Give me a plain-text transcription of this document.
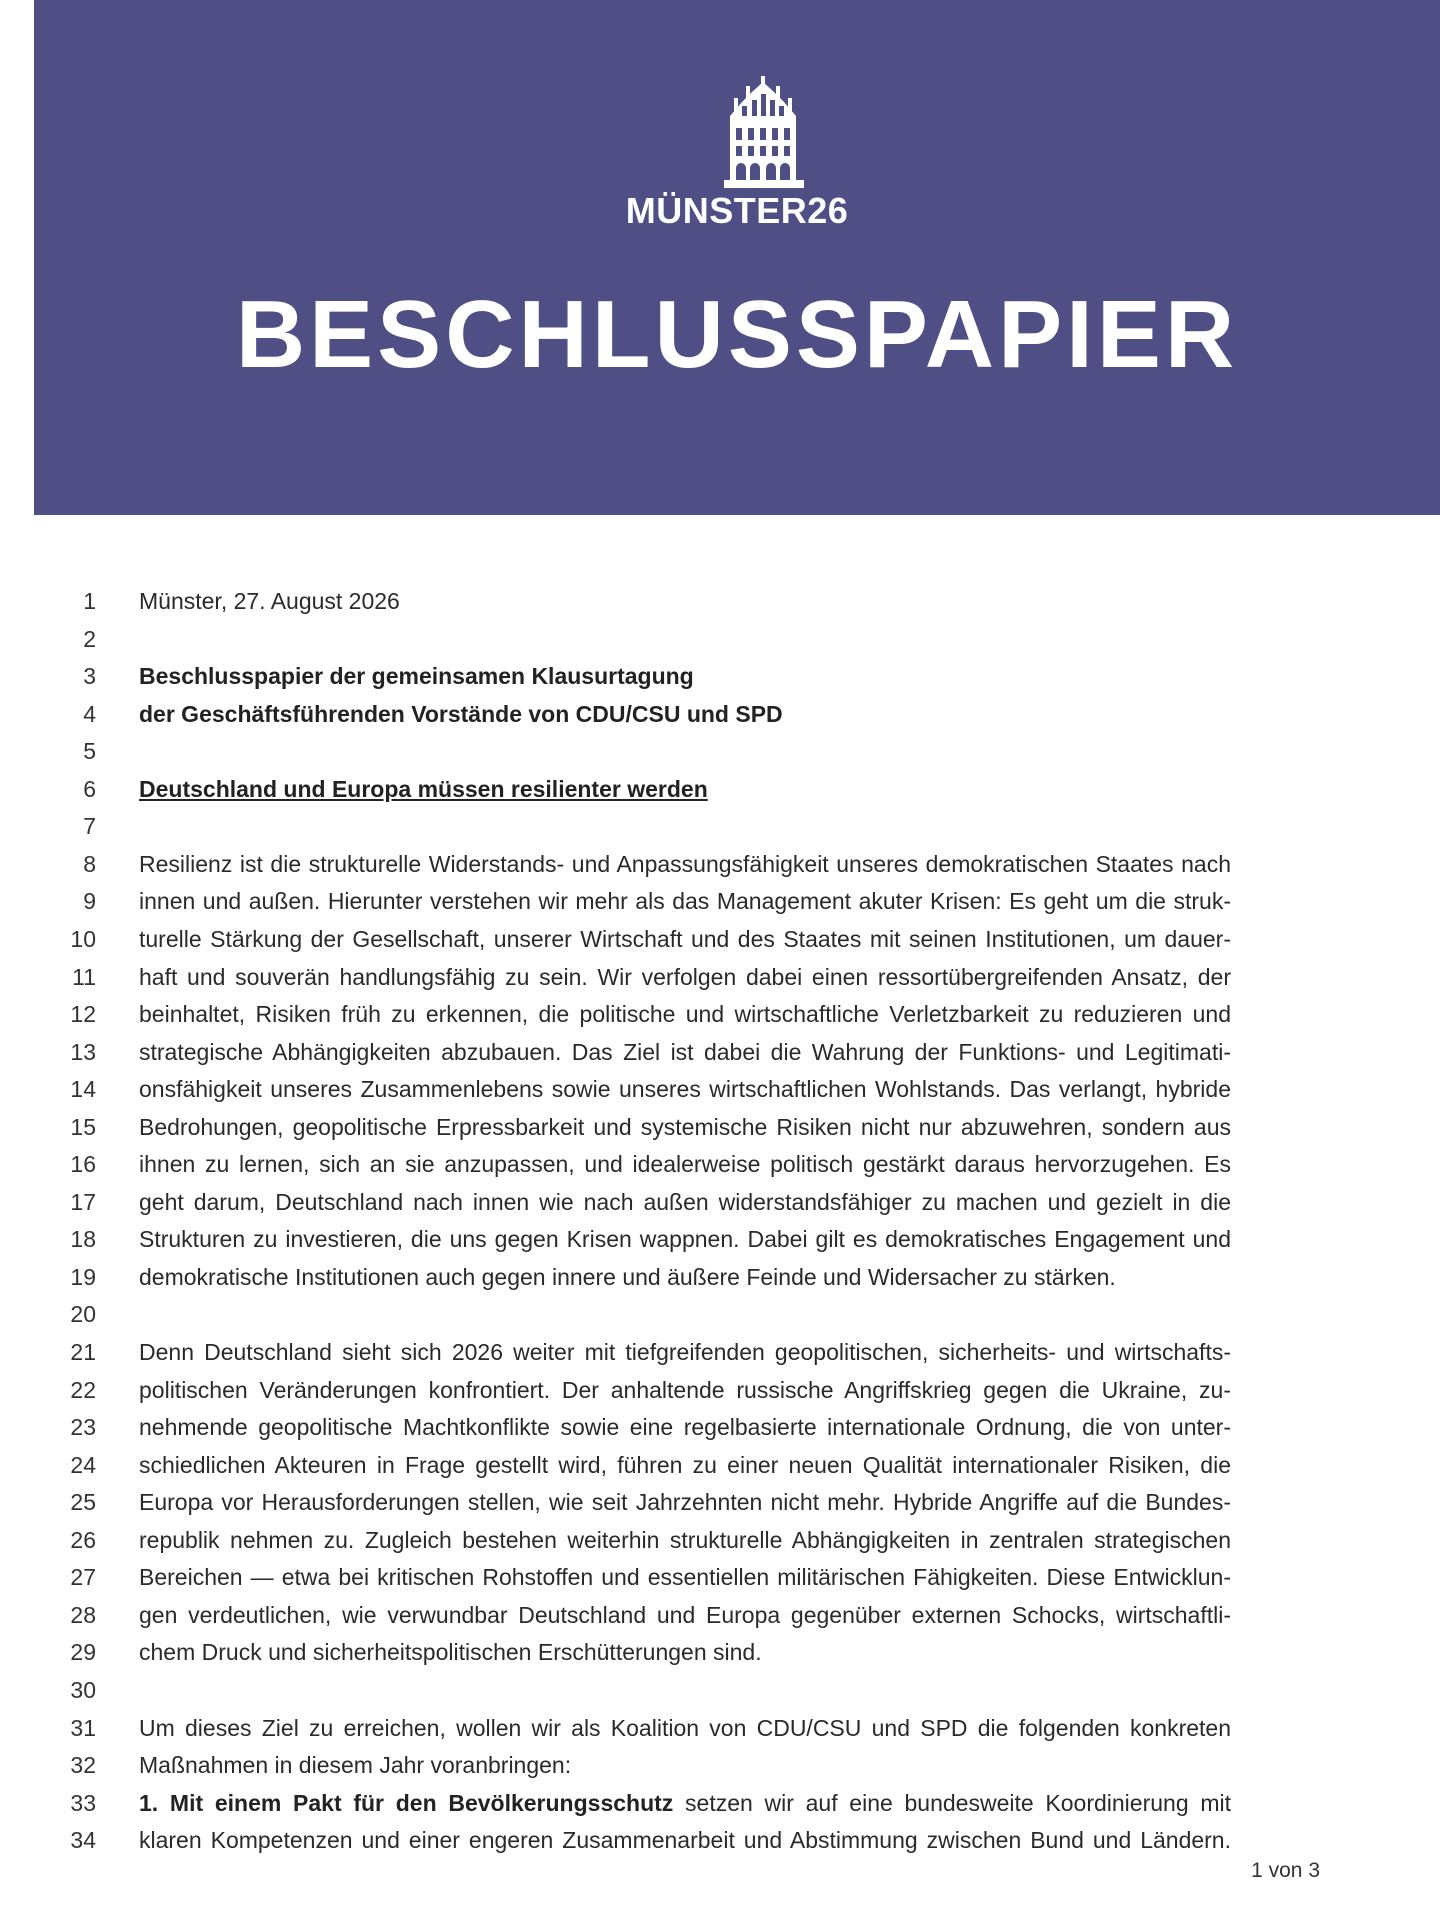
MÜNSTER26
BESCHLUSSPAPIER
1 Münster, 27. August 2026
2
3 Beschlusspapier der gemeinsamen Klausurtagung
4 der Geschäftsführenden Vorstände von CDU/CSU und SPD
5
6 Deutschland und Europa müssen resilienter werden
7
8 Resilienz ist die strukturelle Widerstands- und Anpassungsfähigkeit unseres demokratischen Staates nach
9 innen und außen. Hierunter verstehen wir mehr als das Management akuter Krisen: Es geht um die struk-
10 turelle Stärkung der Gesellschaft, unserer Wirtschaft und des Staates mit seinen Institutionen, um dauer-
11 haft und souverän handlungsfähig zu sein. Wir verfolgen dabei einen ressortübergreifenden Ansatz, der
12 beinhaltet, Risiken früh zu erkennen, die politische und wirtschaftliche Verletzbarkeit zu reduzieren und
13 strategische Abhängigkeiten abzubauen. Das Ziel ist dabei die Wahrung der Funktions- und Legitimati-
14 onsfähigkeit unseres Zusammenlebens sowie unseres wirtschaftlichen Wohlstands. Das verlangt, hybride
15 Bedrohungen, geopolitische Erpressbarkeit und systemische Risiken nicht nur abzuwehren, sondern aus
16 ihnen zu lernen, sich an sie anzupassen, und idealerweise politisch gestärkt daraus hervorzugehen. Es
17 geht darum, Deutschland nach innen wie nach außen widerstandsfähiger zu machen und gezielt in die
18 Strukturen zu investieren, die uns gegen Krisen wappnen. Dabei gilt es demokratisches Engagement und
19 demokratische Institutionen auch gegen innere und äußere Feinde und Widersacher zu stärken.
20
21 Denn Deutschland sieht sich 2026 weiter mit tiefgreifenden geopolitischen, sicherheits- und wirtschafts-
22 politischen Veränderungen konfrontiert. Der anhaltende russische Angriffskrieg gegen die Ukraine, zu-
23 nehmende geopolitische Machtkonflikte sowie eine regelbasierte internationale Ordnung, die von unter-
24 schiedlichen Akteuren in Frage gestellt wird, führen zu einer neuen Qualität internationaler Risiken, die
25 Europa vor Herausforderungen stellen, wie seit Jahrzehnten nicht mehr. Hybride Angriffe auf die Bundes-
26 republik nehmen zu. Zugleich bestehen weiterhin strukturelle Abhängigkeiten in zentralen strategischen
27 Bereichen — etwa bei kritischen Rohstoffen und essentiellen militärischen Fähigkeiten. Diese Entwicklun-
28 gen verdeutlichen, wie verwundbar Deutschland und Europa gegenüber externen Schocks, wirtschaftli-
29 chem Druck und sicherheitspolitischen Erschütterungen sind.
30
31 Um dieses Ziel zu erreichen, wollen wir als Koalition von CDU/CSU und SPD die folgenden konkreten
32 Maßnahmen in diesem Jahr voranbringen:
33 1. Mit einem Pakt für den Bevölkerungsschutz setzen wir auf eine bundesweite Koordinierung mit
34 klaren Kompetenzen und einer engeren Zusammenarbeit und Abstimmung zwischen Bund und Ländern.
1 von 3
